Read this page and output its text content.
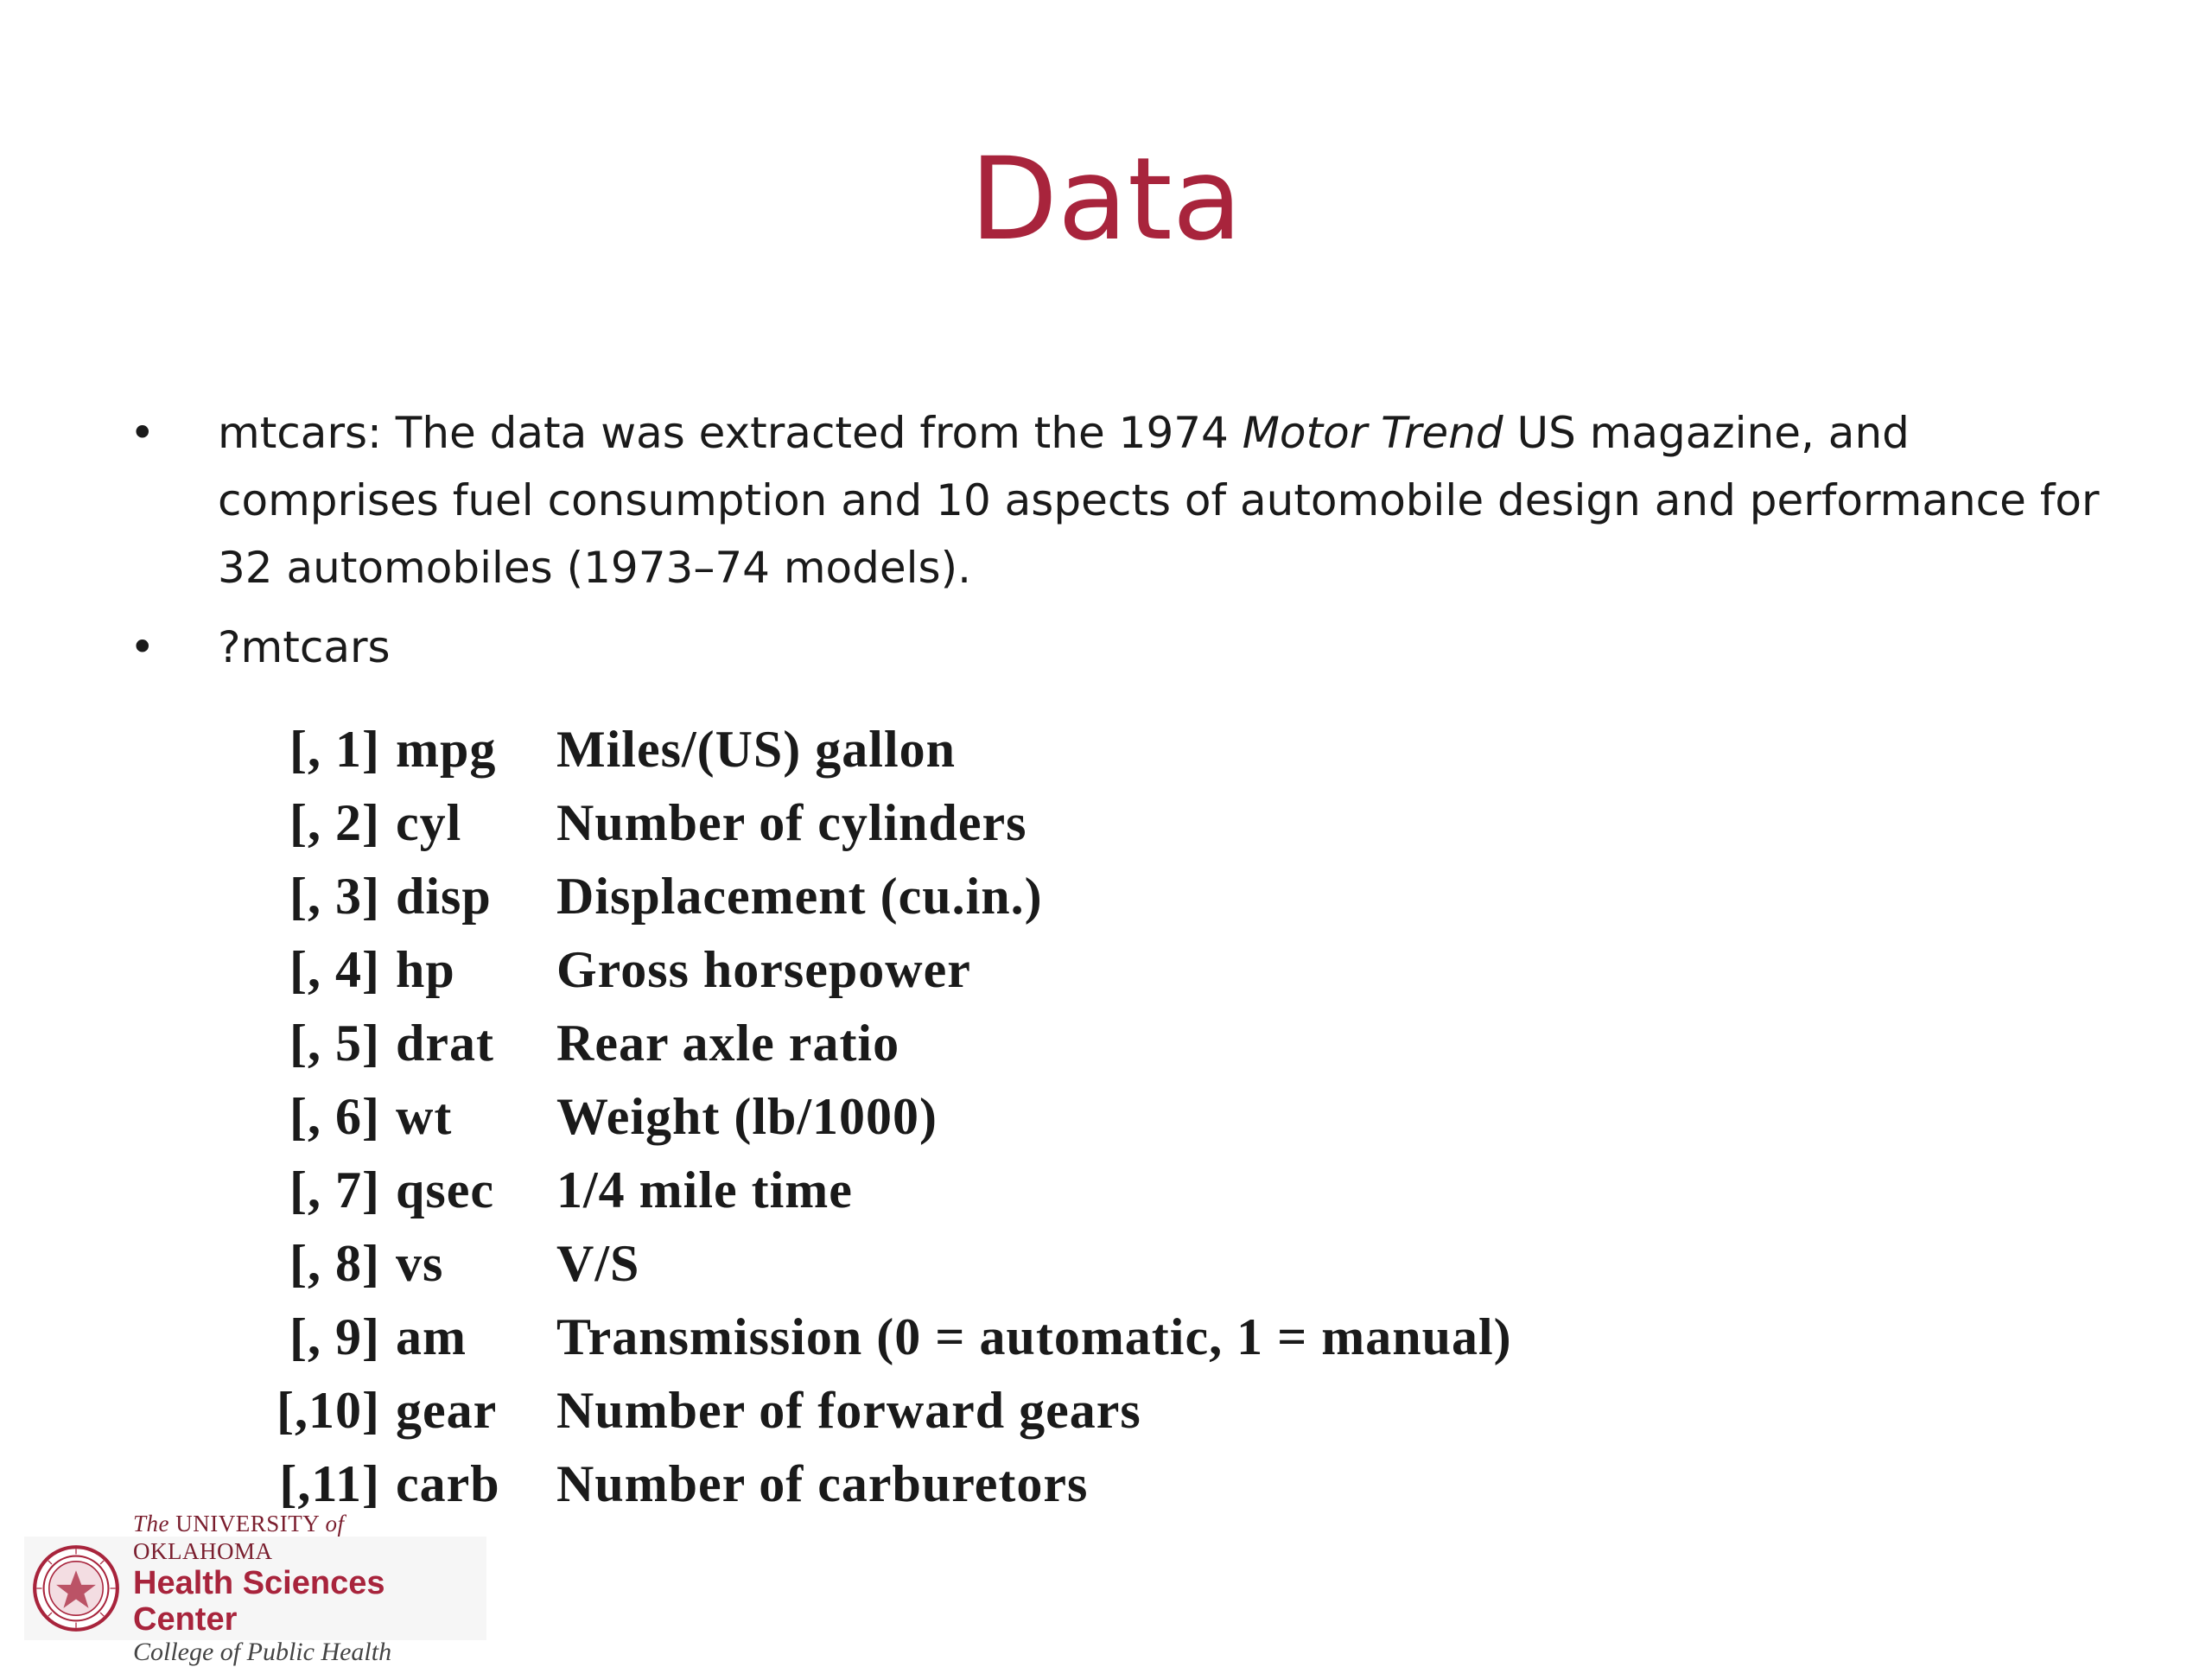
Data
• mtcars: The data was extracted from the 1974 Motor Trend US magazine, and comprises fuel consumption and 10 aspects of automobile design and performance for 32 automobiles (1973–74 models).
• ?mtcars
[, 1] mpg	Miles/(US) gallon
[, 2] cyl	Number of cylinders
[, 3] disp	Displacement (cu.in.)
[, 4] hp	Gross horsepower
[, 5] drat	Rear axle ratio
[, 6] wt	Weight (lb/1000)
[, 7] qsec	1/4 mile time
[, 8] vs	V/S
[, 9] am	Transmission (0 = automatic, 1 = manual)
[,10] gear	Number of forward gears
[,11] carb	Number of carburetors
The UNIVERSITY of OKLAHOMA
Health Sciences Center
College of Public Health
